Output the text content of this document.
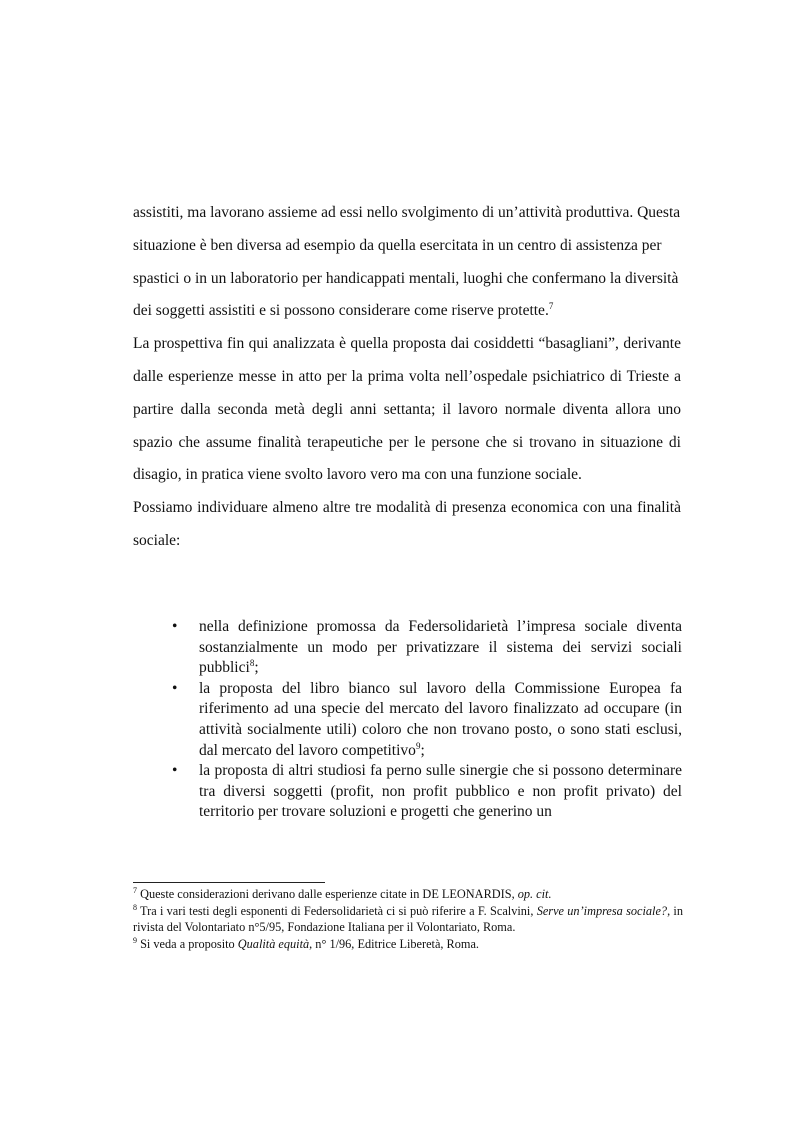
assistiti, ma lavorano assieme ad essi nello svolgimento di un’attività produttiva. Questa situazione è ben diversa ad esempio da quella esercitata in un centro di assistenza per spastici o in un laboratorio per handicappati mentali, luoghi che confermano la diversità dei soggetti assistiti e si possono considerare come riserve protette.$^7$

La prospettiva fin qui analizzata è quella proposta dai cosiddetti “basagliani”, derivante dalle esperienze messe in atto per la prima volta nell’ospedale psichiatrico di Trieste a partire dalla seconda metà degli anni settanta; il lavoro normale diventa allora uno spazio che assume finalità terapeutiche per le persone che si trovano in situazione di disagio, in pratica viene svolto lavoro vero ma con una funzione sociale.

Possiamo individuare almeno altre tre modalità di presenza economica con una finalità sociale:

• nella definizione promossa da Federsolidarietà l’impresa sociale diventa sostanzialmente un modo per privatizzare il sistema dei servizi sociali pubblici$^8$;
• la proposta del libro bianco sul lavoro della Commissione Europea fa riferimento ad una specie del mercato del lavoro finalizzato ad occupare (in attività socialmente utili) coloro che non trovano posto, o sono stati esclusi, dal mercato del lavoro competitivo$^9$;
• la proposta di altri studiosi fa perno sulle sinergie che si possono determinare tra diversi soggetti (profit, non profit pubblico e non profit privato) del territorio per trovare soluzioni e progetti che generino un

$^7$ Queste considerazioni derivano dalle esperienze citate in DE LEONARDIS, op. cit.

$^8$ Tra i vari testi degli esponenti di Federsolidarietà ci si può riferire a F. Scalvini, Serve un’impresa sociale?, in rivista del Volontariato n°5/95, Fondazione Italiana per il Volontariato, Roma.

$^9$ Si veda a proposito Qualità equità, n° 1/96, Editrice Liberetà, Roma.
